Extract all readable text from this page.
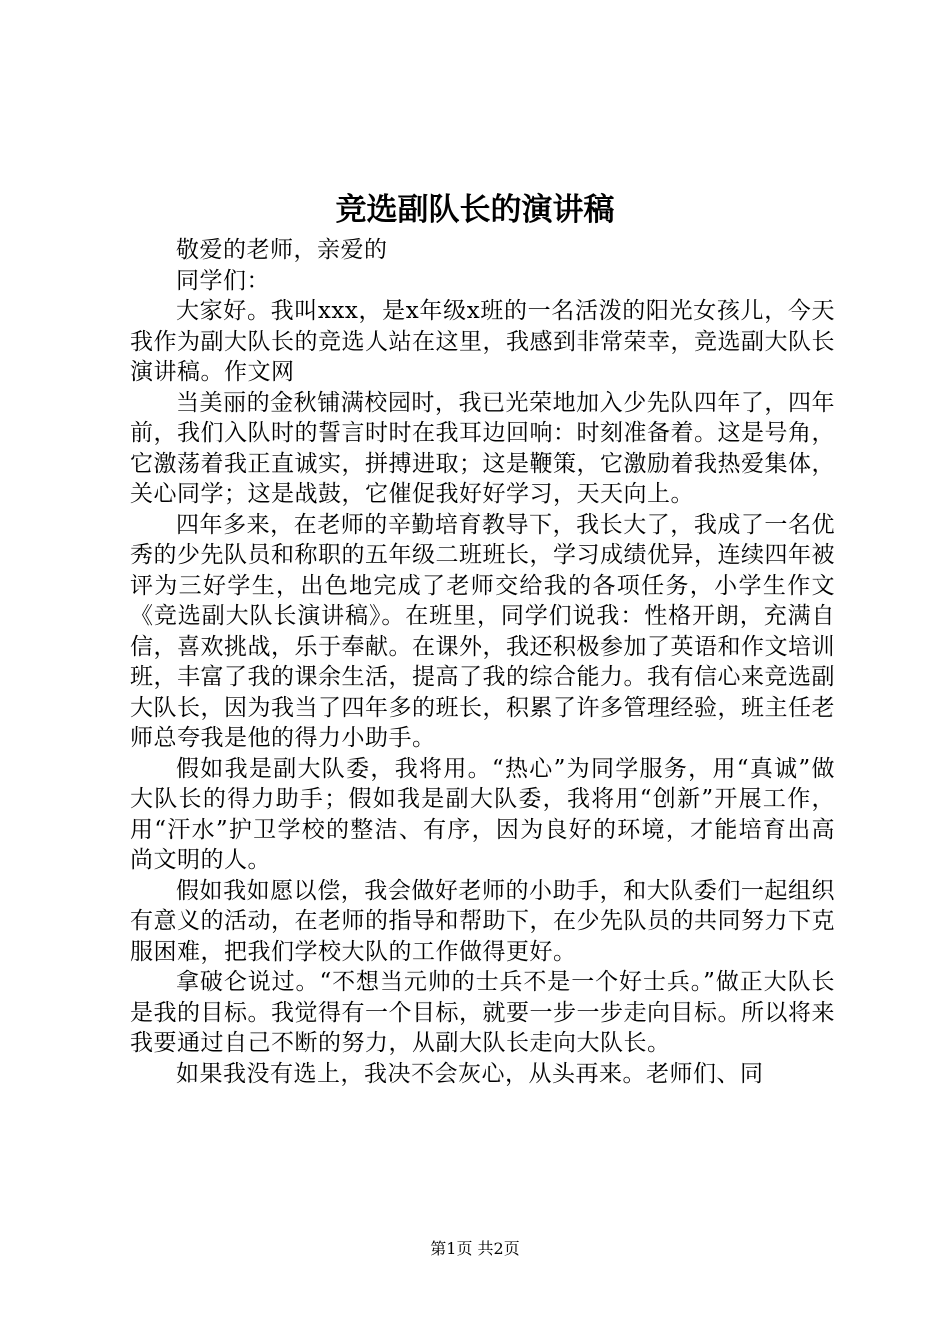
竞选副队长的演讲稿

敬爱的老师，亲爱的

同学们：

大家好。我叫xxx，是x年级x班的一名活泼的阳光女孩儿，今天我作为副大队长的竞选人站在这里，我感到非常荣幸，竞选副大队长演讲稿。作文网

当美丽的金秋铺满校园时，我已光荣地加入少先队四年了，四年前，我们入队时的誓言时时在我耳边回响：时刻准备着。这是号角，它激荡着我正直诚实，拼搏进取；这是鞭策，它激励着我热爱集体，关心同学；这是战鼓，它催促我好好学习，天天向上。

四年多来，在老师的辛勤培育教导下，我长大了，我成了一名优秀的少先队员和称职的五年级二班班长，学习成绩优异，连续四年被评为三好学生，出色地完成了老师交给我的各项任务，小学生作文《竞选副大队长演讲稿》。在班里，同学们说我：性格开朗，充满自信，喜欢挑战，乐于奉献。在课外，我还积极参加了英语和作文培训班，丰富了我的课余生活，提高了我的综合能力。我有信心来竞选副大队长，因为我当了四年多的班长，积累了许多管理经验，班主任老师总夸我是他的得力小助手。

假如我是副大队委，我将用。“热心”为同学服务，用“真诚”做大队长的得力助手；假如我是副大队委，我将用“创新”开展工作，用“汗水”护卫学校的整洁、有序，因为良好的环境，才能培育出高尚文明的人。

假如我如愿以偿，我会做好老师的小助手，和大队委们一起组织有意义的活动，在老师的指导和帮助下，在少先队员的共同努力下克服困难，把我们学校大队的工作做得更好。

拿破仑说过。“不想当元帅的士兵不是一个好士兵。”做正大队长是我的目标。我觉得有一个目标，就要一步一步走向目标。所以将来我要通过自己不断的努力，从副大队长走向大队长。

如果我没有选上，我决不会灰心，从头再来。老师们、同

第1页 共2页
